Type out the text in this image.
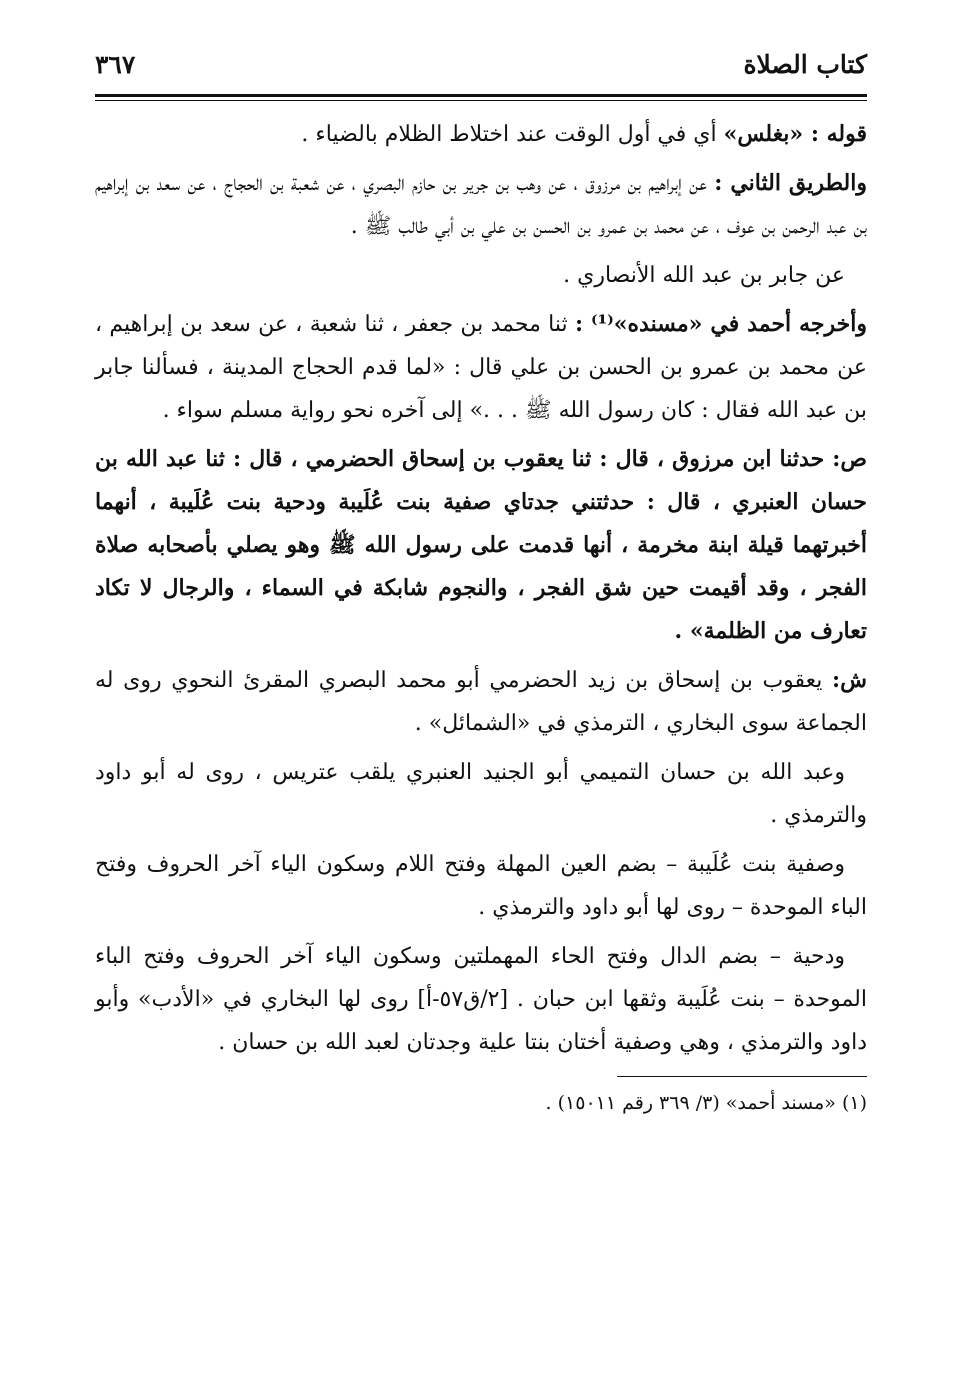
كتاب الصلاة
٣٦٧

قوله : «بغلس» أي في أول الوقت عند اختلاط الظلام بالضياء .

والطريق الثاني : عن إبراهيم بن مرزوق ، عن وهب بن جرير بن حازم البصري ، عن شعبة بن الحجاج ، عن سعد بن إبراهيم بن عبد الرحمن بن عوف ، عن محمد بن عمرو بن الحسن بن علي بن أبي طالب ﷺ .

عن جابر بن عبد الله الأنصاري .

وأخرجه أحمد في «مسنده»⁽¹⁾ : ثنا محمد بن جعفر ، ثنا شعبة ، عن سعد بن إبراهيم ، عن محمد بن عمرو بن الحسن بن علي قال : «لما قدم الحجاج المدينة ، فسألنا جابر بن عبد الله فقال : كان رسول الله ﷺ . . .» إلى آخره نحو رواية مسلم سواء .

ص: حدثنا ابن مرزوق ، قال : ثنا يعقوب بن إسحاق الحضرمي ، قال : ثنا عبد الله بن حسان العنبري ، قال : حدثتني جدتاي صفية بنت عُلَيبة ودحية بنت عُلَيبة ، أنهما أخبرتهما قيلة ابنة مخرمة ، أنها قدمت على رسول الله ﷺ وهو يصلي بأصحابه صلاة الفجر ، وقد أقيمت حين شق الفجر ، والنجوم شابكة في السماء ، والرجال لا تكاد تعارف من الظلمة» .

ش: يعقوب بن إسحاق بن زيد الحضرمي أبو محمد البصري المقرئ النحوي روى له الجماعة سوى البخاري ، الترمذي في «الشمائل» .

وعبد الله بن حسان التميمي أبو الجنيد العنبري يلقب عتريس ، روى له أبو داود والترمذي .

وصفية بنت عُلَيبة – بضم العين المهلة وفتح اللام وسكون الياء آخر الحروف وفتح الباء الموحدة – روى لها أبو داود والترمذي .

ودحية – بضم الدال وفتح الحاء المهملتين وسكون الياء آخر الحروف وفتح الباء الموحدة – بنت عُلَيبة وثقها ابن حبان . [٢/ق٥٧-أ] روى لها البخاري في «الأدب» وأبو داود والترمذي ، وهي وصفية أختان بنتا علية وجدتان لعبد الله بن حسان .

(١) «مسند أحمد» (٣/ ٣٦٩ رقم ١٥٠١١) .
